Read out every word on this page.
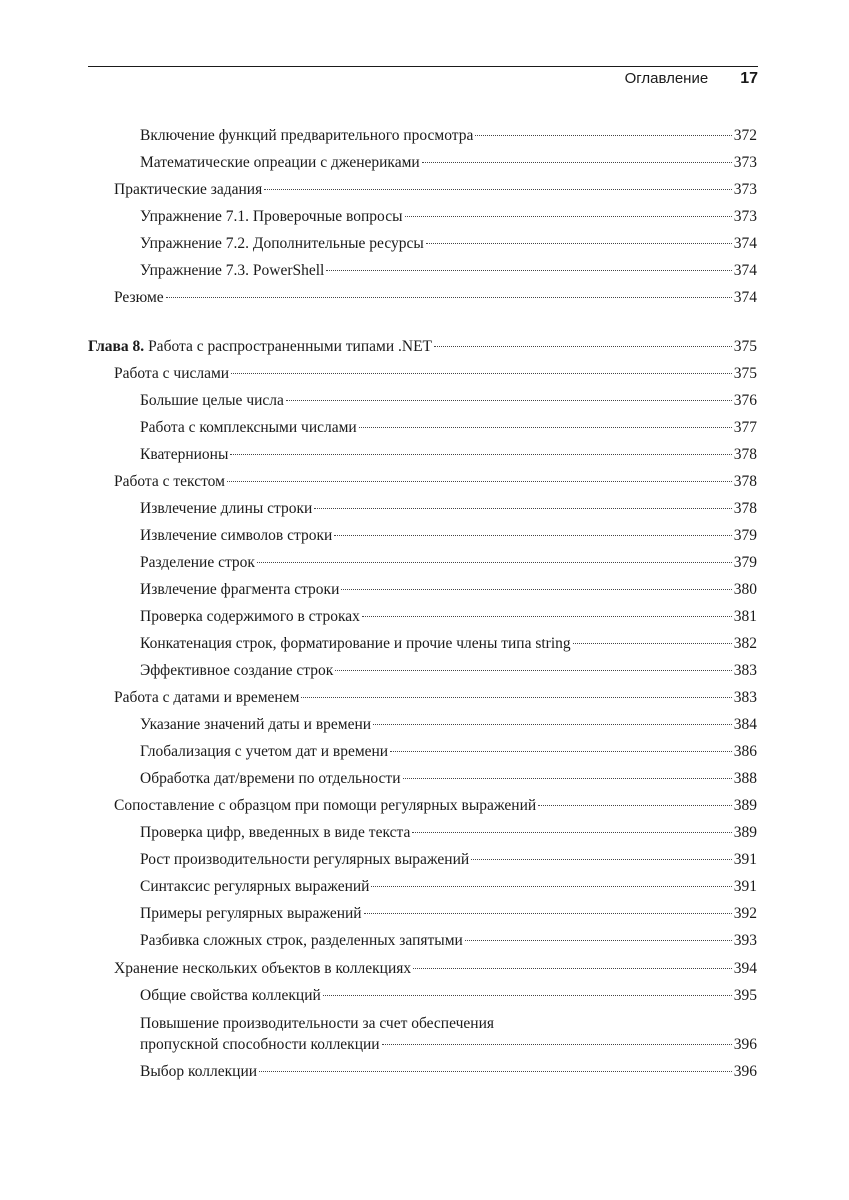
Оглавление 17
Включение функций предварительного просмотра	372
Математические опреации с дженериками	373
Практические задания	373
Упражнение 7.1. Проверочные вопросы	373
Упражнение 7.2. Дополнительные ресурсы	374
Упражнение 7.3. PowerShell	374
Резюме	374
Глава 8. Работа с распространенными типами .NET	375
Работа с числами	375
Большие целые числа	376
Работа с комплексными числами	377
Кватернионы	378
Работа с текстом	378
Извлечение длины строки	378
Извлечение символов строки	379
Разделение строк	379
Извлечение фрагмента строки	380
Проверка содержимого в строках	381
Конкатенация строк, форматирование и прочие члены типа string	382
Эффективное создание строк	383
Работа с датами и временем	383
Указание значений даты и времени	384
Глобализация с учетом дат и времени	386
Обработка дат/времени по отдельности	388
Сопоставление с образцом при помощи регулярных выражений	389
Проверка цифр, введенных в виде текста	389
Рост производительности регулярных выражений	391
Синтаксис регулярных выражений	391
Примеры регулярных выражений	392
Разбивка сложных строк, разделенных запятыми	393
Хранение нескольких объектов в коллекциях	394
Общие свойства коллекций	395
Повышение производительности за счет обеспечения
пропускной способности коллекции	396
Выбор коллекции	396
